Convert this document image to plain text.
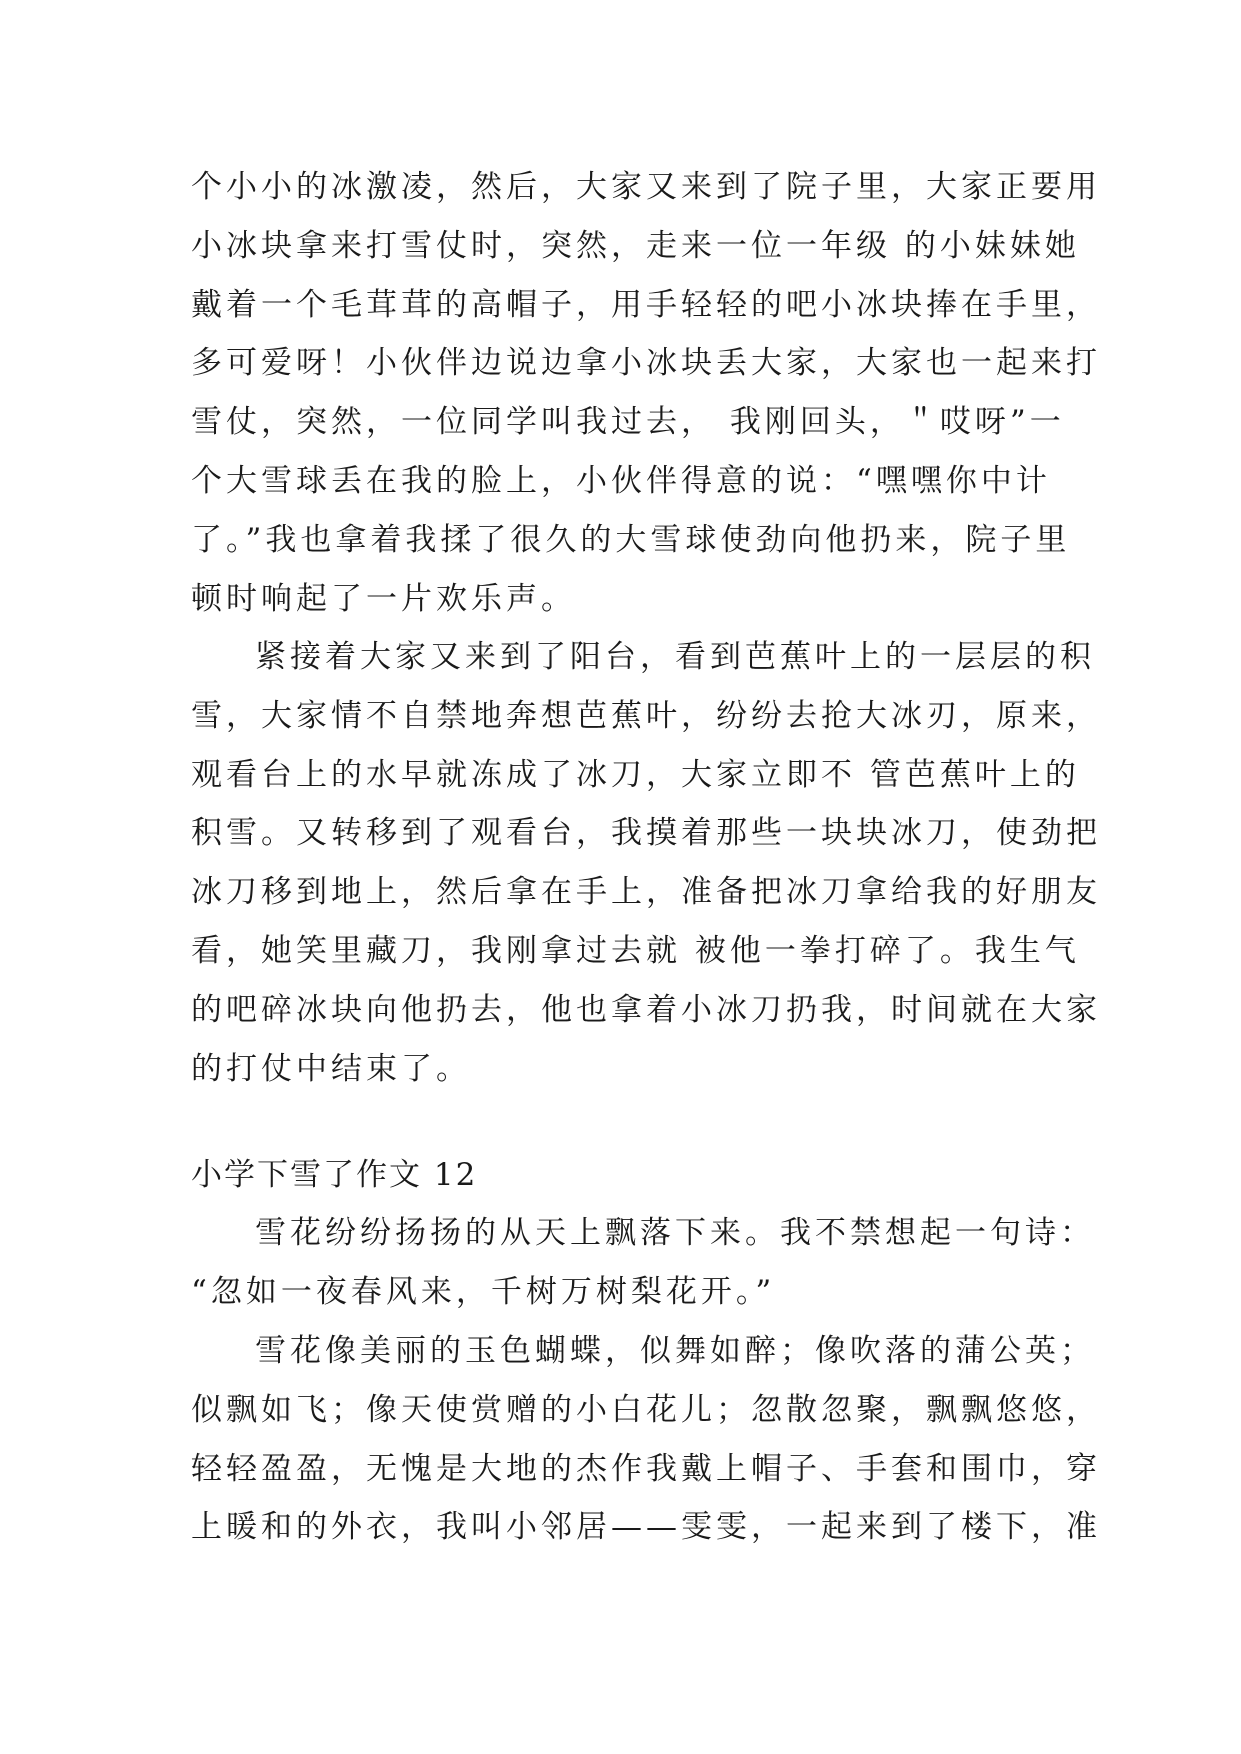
个小小的冰激凌，然后，大家又来到了院子里，大家正要用
小冰块拿来打雪仗时，突然，走来一位一年级 的小妹妹她
戴着一个毛茸茸的高帽子，用手轻轻的吧小冰块捧在手里，
多可爱呀！小伙伴边说边拿小冰块丢大家，大家也一起来打
雪仗，突然，一位同学叫我过去， 我刚回头，＂哎呀”一
个大雪球丢在我的脸上，小伙伴得意的说：“嘿嘿你中计
了。”我也拿着我揉了很久的大雪球使劲向他扔来，院子里
顿时响起了一片欢乐声。
紧接着大家又来到了阳台，看到芭蕉叶上的一层层的积
雪，大家情不自禁地奔想芭蕉叶，纷纷去抢大冰刃，原来，
观看台上的水早就冻成了冰刀，大家立即不 管芭蕉叶上的
积雪。又转移到了观看台，我摸着那些一块块冰刀，使劲把
冰刀移到地上，然后拿在手上，准备把冰刀拿给我的好朋友
看，她笑里藏刀，我刚拿过去就 被他一拳打碎了。我生气
的吧碎冰块向他扔去，他也拿着小冰刀扔我，时间就在大家
的打仗中结束了。
小学下雪了作文 12
雪花纷纷扬扬的从天上飘落下来。我不禁想起一句诗：
“忽如一夜春风来，千树万树梨花开。”
雪花像美丽的玉色蝴蝶，似舞如醉；像吹落的蒲公英；
似飘如飞；像天使赏赠的小白花儿；忽散忽聚，飘飘悠悠，
轻轻盈盈，无愧是大地的杰作我戴上帽子、手套和围巾，穿
上暖和的外衣，我叫小邻居——雯雯，一起来到了楼下，准
